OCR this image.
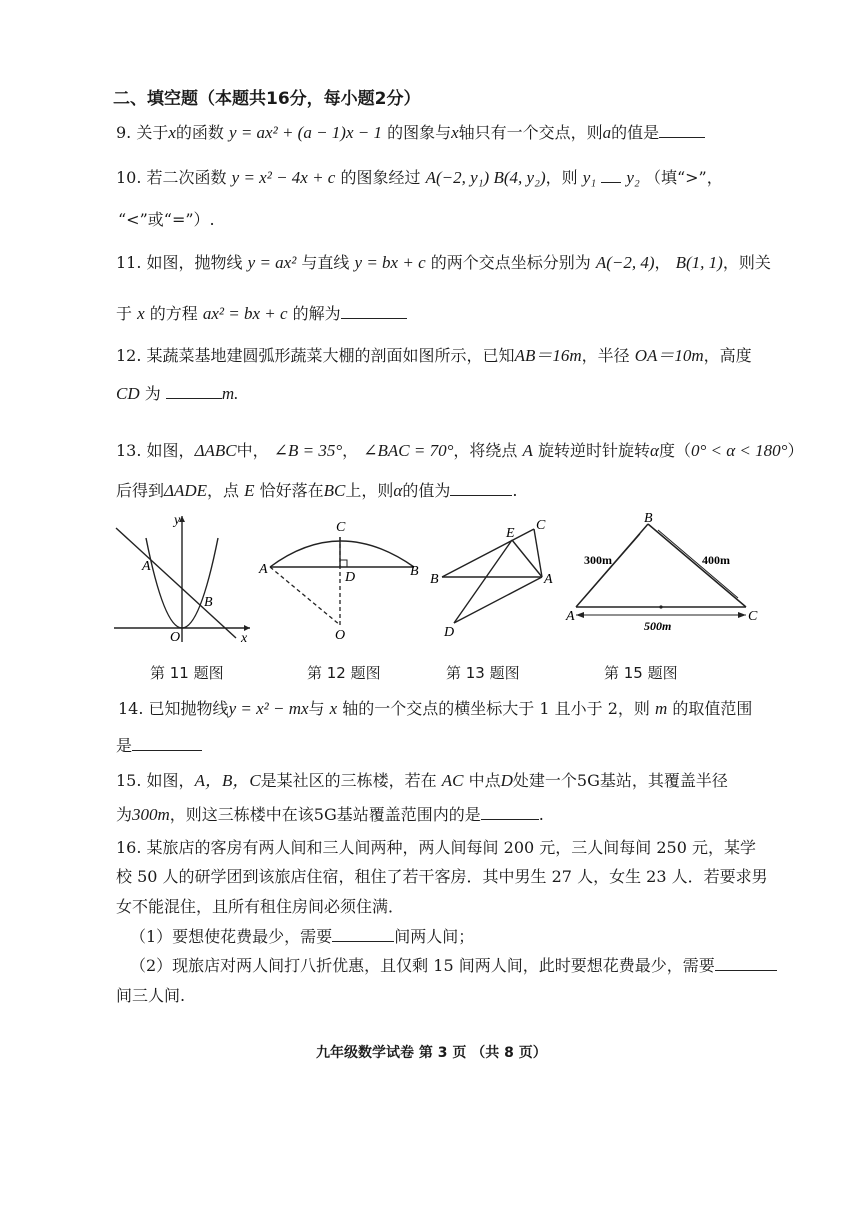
二、填空题（本题共16分，每小题2分）
9. 关于x的函数 y = ax² + (a − 1)x − 1 的图象与x轴只有一个交点，则a的值是
10. 若二次函数 y = x² − 4x + c 的图象经过 A(−2, y₁) B(4, y₂)，则 y₁ y₂ （填“>”，
“<”或“=”）.
11. 如图，抛物线 y = ax² 与直线 y = bx + c 的两个交点坐标分别为 A(−2, 4)， B(1, 1)，则关
于 x 的方程 ax² = bx + c 的解为
12. 某蔬菜基地建圆弧形蔬菜大棚的剖面如图所示，已知AB＝16m，半径 OA＝10m，高度
CD 为	m.
13. 如图，ΔABC中， ∠B = 35°， ∠BAC = 70°，将绕点 A 旋转逆时针旋转α度（0° < α < 180°）
后得到ΔADE，点 E 恰好落在BC上，则α的值为	.
y
x
O
A
B
第 11 题图
C
A	B
D
O
第 12 题图
E
C
B	A
D
第 13 题图
B
A	C
300m	400m
500m
第 15 题图
14. 已知抛物线y = x² − mx与 x 轴的一个交点的横坐标大于 1 且小于 2，则 m 的取值范围
是
15. 如图，A，B，C是某社区的三栋楼，若在 AC 中点D处建一个5G基站，其覆盖半径
为300m，则这三栋楼中在该5G基站覆盖范围内的是	.
16. 某旅店的客房有两人间和三人间两种，两人间每间 200 元，三人间每间 250 元，某学
校 50 人的研学团到该旅店住宿，租住了若干客房．其中男生 27 人，女生 23 人．若要求男
女不能混住，且所有租住房间必须住满．
（1）要想使花费最少，需要	间两人间；
（2）现旅店对两人间打八折优惠，且仅剩 15 间两人间，此时要想花费最少，需要
间三人间.
九年级数学试卷 第 3 页 （共 8 页）
